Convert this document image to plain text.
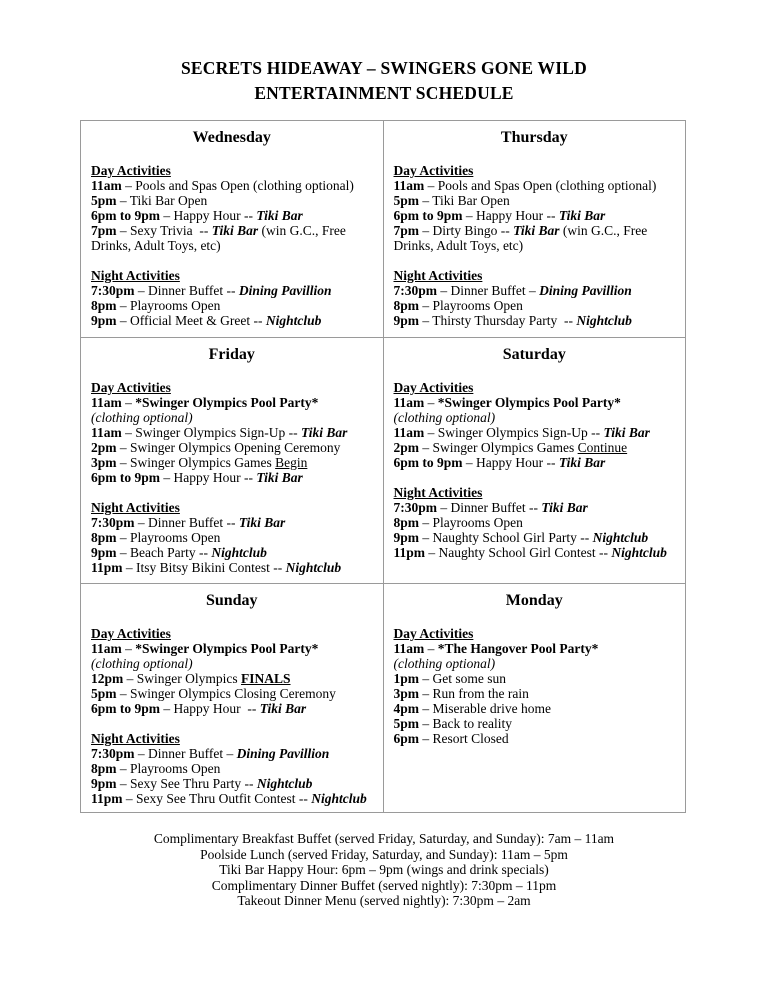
SECRETS HIDEAWAY – SWINGERS GONE WILD
ENTERTAINMENT SCHEDULE
Wednesday
Day Activities
11am – Pools and Spas Open (clothing optional)
5pm – Tiki Bar Open
6pm to 9pm – Happy Hour -- Tiki Bar
7pm – Sexy Trivia  -- Tiki Bar (win G.C., Free Drinks, Adult Toys, etc)
Night Activities
7:30pm – Dinner Buffet -- Dining Pavillion
8pm – Playrooms Open
9pm – Official Meet & Greet -- Nightclub
Thursday
Day Activities
11am – Pools and Spas Open (clothing optional)
5pm – Tiki Bar Open
6pm to 9pm – Happy Hour -- Tiki Bar
7pm – Dirty Bingo -- Tiki Bar (win G.C., Free Drinks, Adult Toys, etc)
Night Activities
7:30pm – Dinner Buffet – Dining Pavillion
8pm – Playrooms Open
9pm – Thirsty Thursday Party  -- Nightclub
Friday
Day Activities
11am – *Swinger Olympics Pool Party*
(clothing optional)
11am – Swinger Olympics Sign-Up -- Tiki Bar
2pm – Swinger Olympics Opening Ceremony
3pm – Swinger Olympics Games Begin
6pm to 9pm – Happy Hour -- Tiki Bar
Night Activities
7:30pm – Dinner Buffet -- Tiki Bar
8pm – Playrooms Open
9pm – Beach Party -- Nightclub
11pm – Itsy Bitsy Bikini Contest -- Nightclub
Saturday
Day Activities
11am – *Swinger Olympics Pool Party*
(clothing optional)
11am – Swinger Olympics Sign-Up -- Tiki Bar
2pm – Swinger Olympics Games Continue
6pm to 9pm – Happy Hour -- Tiki Bar
Night Activities
7:30pm – Dinner Buffet -- Tiki Bar
8pm – Playrooms Open
9pm – Naughty School Girl Party -- Nightclub
11pm – Naughty School Girl Contest -- Nightclub
Sunday
Day Activities
11am – *Swinger Olympics Pool Party*
(clothing optional)
12pm – Swinger Olympics FINALS
5pm – Swinger Olympics Closing Ceremony
6pm to 9pm – Happy Hour  -- Tiki Bar
Night Activities
7:30pm – Dinner Buffet – Dining Pavillion
8pm – Playrooms Open
9pm – Sexy See Thru Party -- Nightclub
11pm – Sexy See Thru Outfit Contest -- Nightclub
Monday
Day Activities
11am – *The Hangover Pool Party*
(clothing optional)
1pm – Get some sun
3pm – Run from the rain
4pm – Miserable drive home
5pm – Back to reality
6pm – Resort Closed
Complimentary Breakfast Buffet (served Friday, Saturday, and Sunday): 7am – 11am
Poolside Lunch (served Friday, Saturday, and Sunday): 11am – 5pm
Tiki Bar Happy Hour: 6pm – 9pm (wings and drink specials)
Complimentary Dinner Buffet (served nightly): 7:30pm – 11pm
Takeout Dinner Menu (served nightly): 7:30pm – 2am
